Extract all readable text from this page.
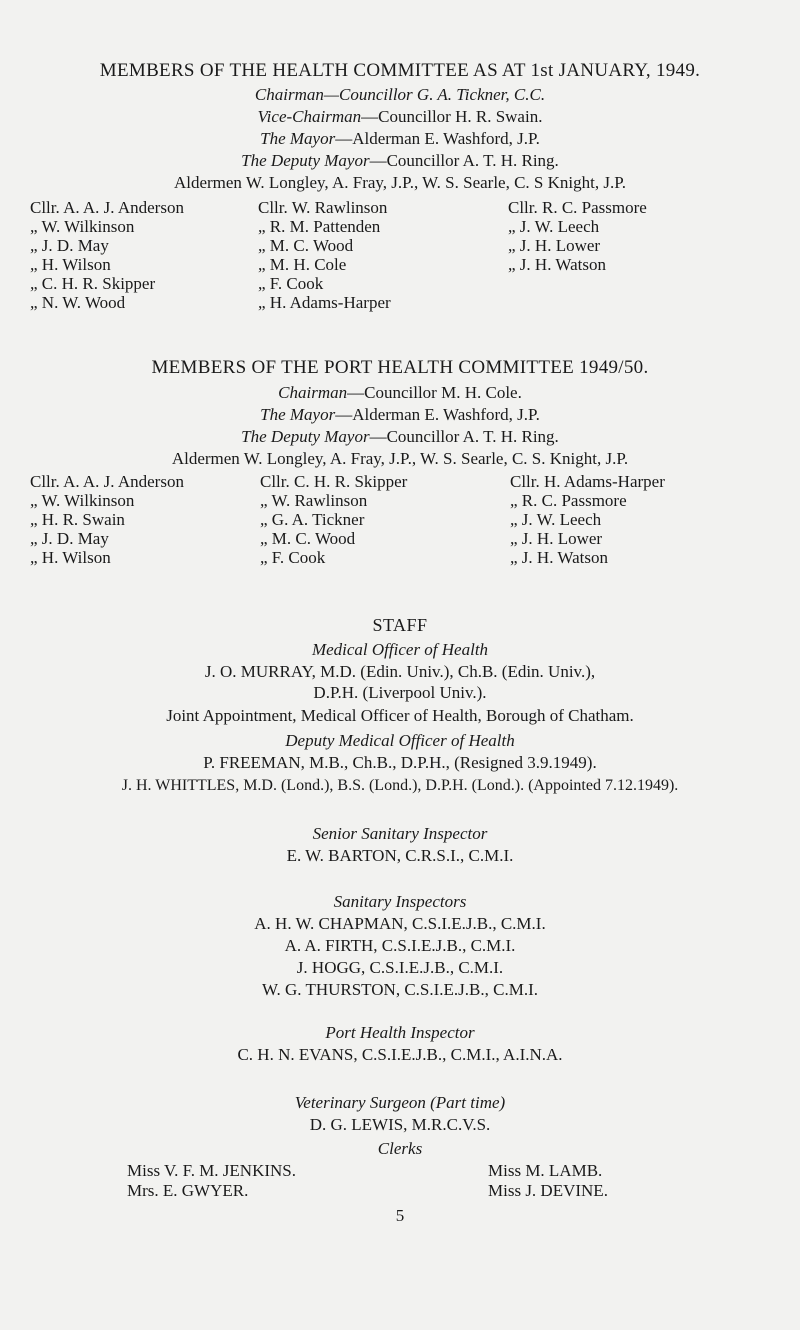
MEMBERS OF THE HEALTH COMMITTEE AS AT 1st JANUARY, 1949.
Chairman—Councillor G. A. Tickner, C.C.
Vice-Chairman—Councillor H. R. Swain.
The Mayor—Alderman E. Washford, J.P.
The Deputy Mayor—Councillor A. T. H. Ring.
Aldermen W. Longley, A. Fray, J.P., W. S. Searle, C. S Knight, J.P.
Cllr. A. A. J. Anderson
„ W. Wilkinson
„ J. D. May
„ H. Wilson
„ C. H. R. Skipper
„ N. W. Wood
Cllr. W. Rawlinson
„ R. M. Pattenden
„ M. C. Wood
„ M. H. Cole
„ F. Cook
„ H. Adams-Harper
Cllr. R. C. Passmore
„ J. W. Leech
„ J. H. Lower
„ J. H. Watson
MEMBERS OF THE PORT HEALTH COMMITTEE 1949/50.
Chairman—Councillor M. H. Cole.
The Mayor—Alderman E. Washford, J.P.
The Deputy Mayor—Councillor A. T. H. Ring.
Aldermen W. Longley, A. Fray, J.P., W. S. Searle, C. S. Knight, J.P.
Cllr. A. A. J. Anderson
„ W. Wilkinson
„ H. R. Swain
„ J. D. May
„ H. Wilson
Cllr. C. H. R. Skipper
„ W. Rawlinson
„ G. A. Tickner
„ M. C. Wood
„ F. Cook
Cllr. H. Adams-Harper
„ R. C. Passmore
„ J. W. Leech
„ J. H. Lower
„ J. H. Watson
STAFF
Medical Officer of Health
J. O. MURRAY, M.D. (Edin. Univ.), Ch.B. (Edin. Univ.),
D.P.H. (Liverpool Univ.).
Joint Appointment, Medical Officer of Health, Borough of Chatham.
Deputy Medical Officer of Health
P. FREEMAN, M.B., Ch.B., D.P.H., (Resigned 3.9.1949).
J. H. WHITTLES, M.D. (Lond.), B.S. (Lond.), D.P.H. (Lond.). (Appointed 7.12.1949).
Senior Sanitary Inspector
E. W. BARTON, C.R.S.I., C.M.I.
Sanitary Inspectors
A. H. W. CHAPMAN, C.S.I.E.J.B., C.M.I.
A. A. FIRTH, C.S.I.E.J.B., C.M.I.
J. HOGG, C.S.I.E.J.B., C.M.I.
W. G. THURSTON, C.S.I.E.J.B., C.M.I.
Port Health Inspector
C. H. N. EVANS, C.S.I.E.J.B., C.M.I., A.I.N.A.
Veterinary Surgeon (Part time)
D. G. LEWIS, M.R.C.V.S.
Clerks
Miss V. F. M. JENKINS.
Mrs. E. GWYER.
Miss M. LAMB.
Miss J. DEVINE.
5
